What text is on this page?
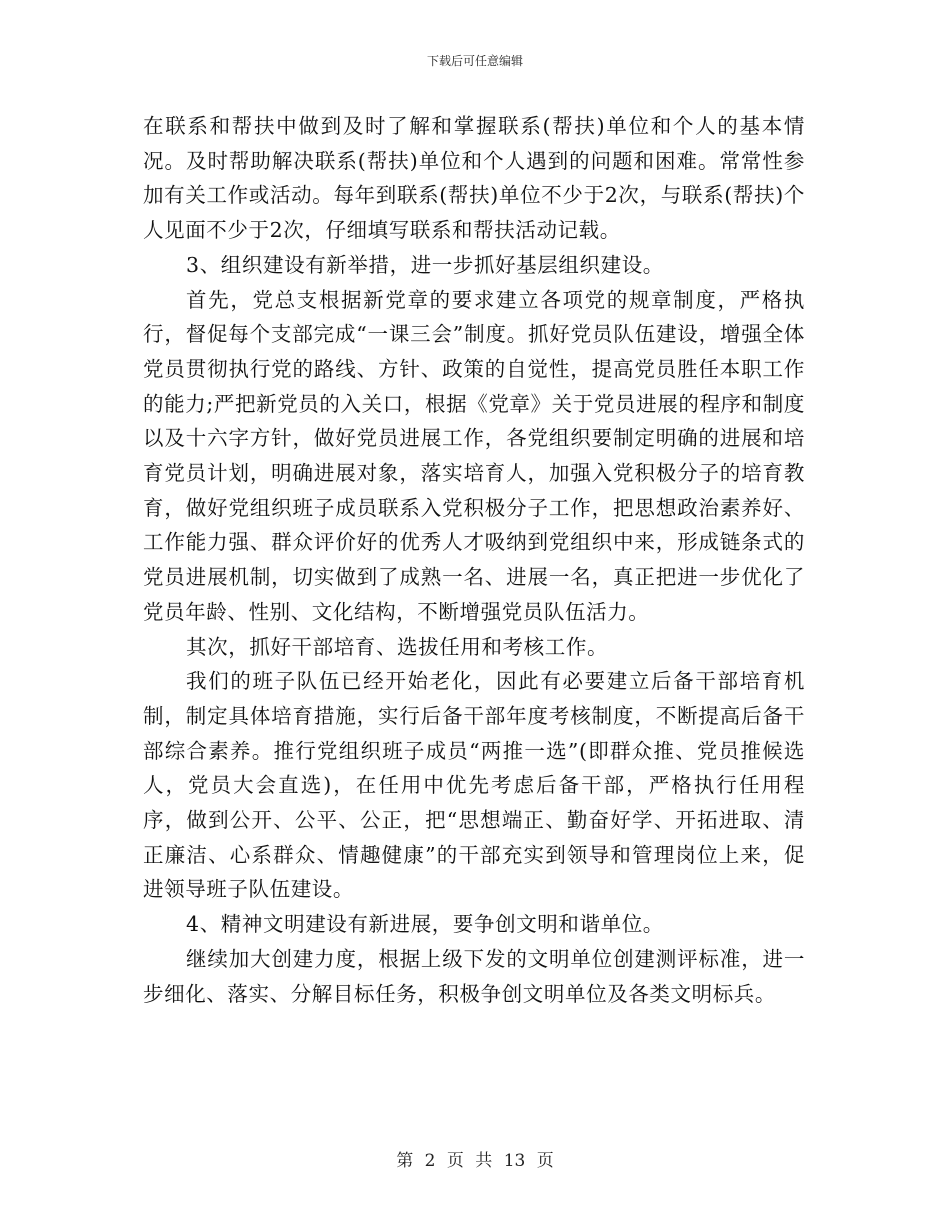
下载后可任意编辑

在联系和帮扶中做到及时了解和掌握联系(帮扶)单位和个人的基本情况。及时帮助解决联系(帮扶)单位和个人遇到的问题和困难。常常性参加有关工作或活动。每年到联系(帮扶)单位不少于2次，与联系(帮扶)个人见面不少于2次，仔细填写联系和帮扶活动记载。

3、组织建设有新举措，进一步抓好基层组织建设。

首先，党总支根据新党章的要求建立各项党的规章制度，严格执行，督促每个支部完成“一课三会”制度。抓好党员队伍建设，增强全体党员贯彻执行党的路线、方针、政策的自觉性，提高党员胜任本职工作的能力;严把新党员的入关口，根据《党章》关于党员进展的程序和制度以及十六字方针，做好党员进展工作，各党组织要制定明确的进展和培育党员计划，明确进展对象，落实培育人，加强入党积极分子的培育教育，做好党组织班子成员联系入党积极分子工作，把思想政治素养好、工作能力强、群众评价好的优秀人才吸纳到党组织中来，形成链条式的党员进展机制，切实做到了成熟一名、进展一名，真正把进一步优化了党员年龄、性别、文化结构，不断增强党员队伍活力。

其次，抓好干部培育、选拔任用和考核工作。

我们的班子队伍已经开始老化，因此有必要建立后备干部培育机制，制定具体培育措施，实行后备干部年度考核制度，不断提高后备干部综合素养。推行党组织班子成员“两推一选”(即群众推、党员推候选人，党员大会直选)，在任用中优先考虑后备干部，严格执行任用程序，做到公开、公平、公正，把“思想端正、勤奋好学、开拓进取、清正廉洁、心系群众、情趣健康”的干部充实到领导和管理岗位上来，促进领导班子队伍建设。

4、精神文明建设有新进展，要争创文明和谐单位。

继续加大创建力度，根据上级下发的文明单位创建测评标准，进一步细化、落实、分解目标任务，积极争创文明单位及各类文明标兵。

第 2 页 共 13 页
